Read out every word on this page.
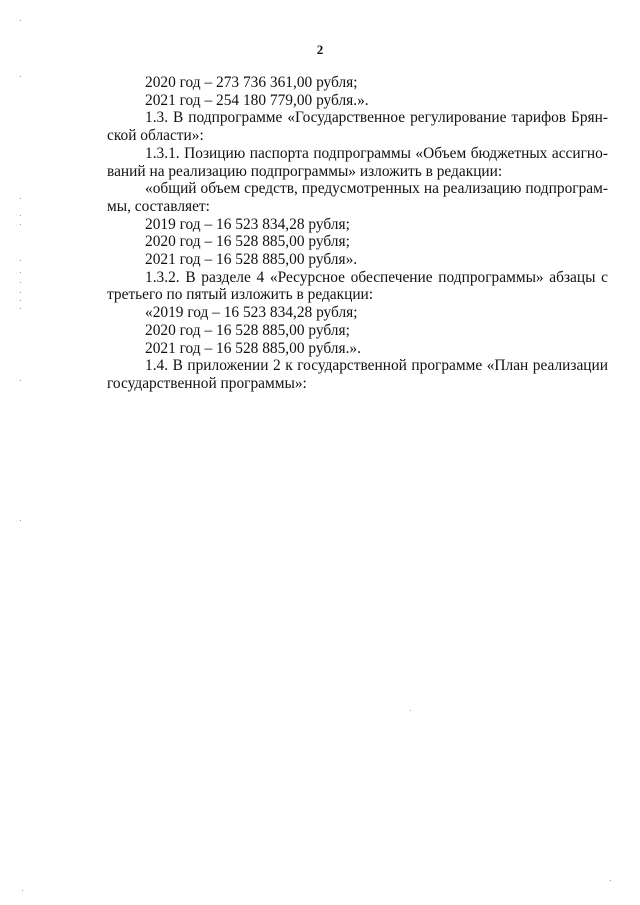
2

2020 год – 273 736 361,00 рубля;

2021 год – 254 180 779,00 рубля.».

1.3. В подпрограмме «Государственное регулирование тарифов Брянской области»:

1.3.1. Позицию паспорта подпрограммы «Объем бюджетных ассигнований на реализацию подпрограммы» изложить в редакции:

«общий объем средств, предусмотренных на реализацию подпрограммы, составляет:

2019 год – 16 523 834,28 рубля;

2020 год – 16 528 885,00 рубля;

2021 год – 16 528 885,00 рубля».

1.3.2. В разделе 4 «Ресурсное обеспечение подпрограммы» абзацы с третьего по пятый изложить в редакции:

«2019 год – 16 523 834,28 рубля;

2020 год – 16 528 885,00 рубля;

2021 год – 16 528 885,00 рубля.».

1.4. В приложении 2 к государственной программе «План реализации государственной программы»:
